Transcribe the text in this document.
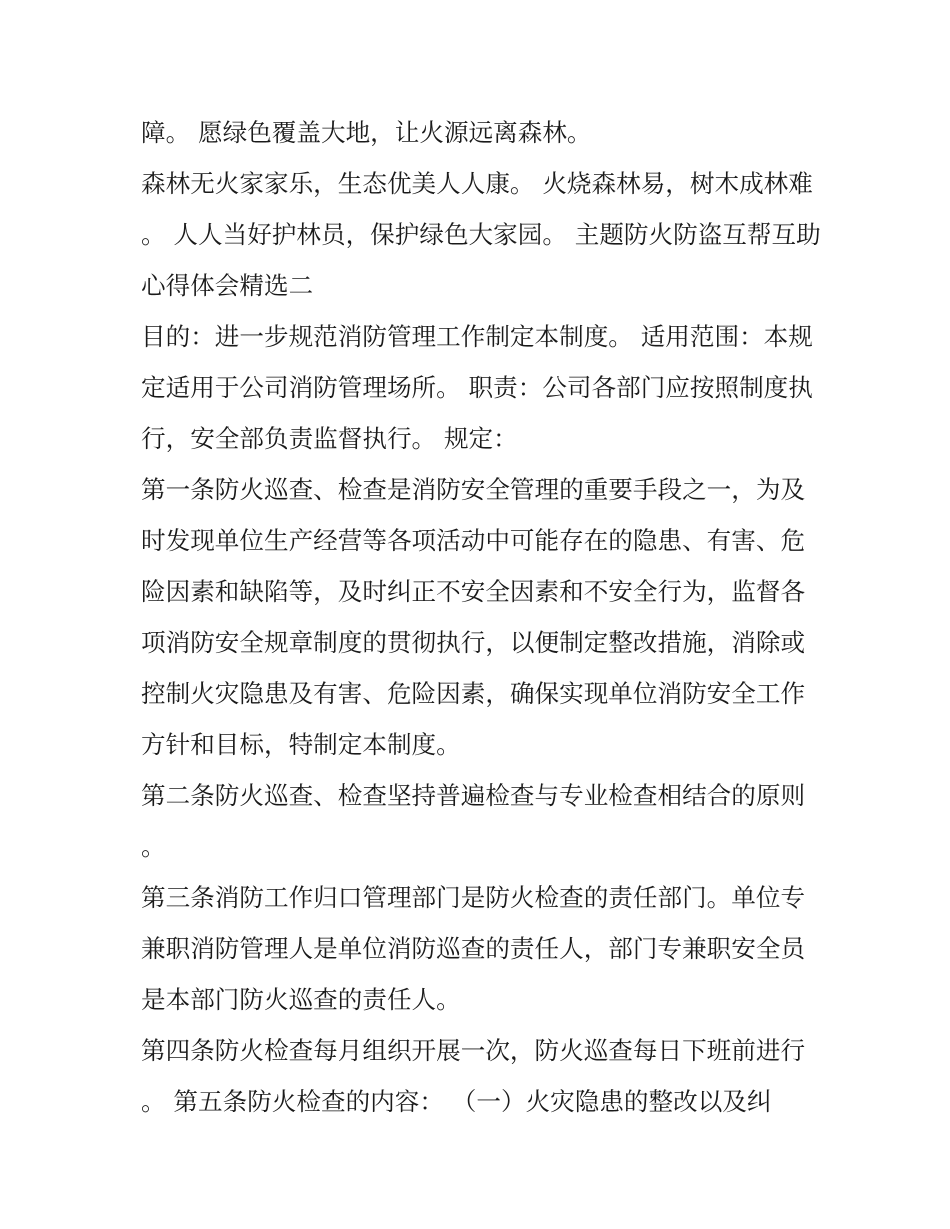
障。 愿绿色覆盖大地，让火源远离森林。

森林无火家家乐，生态优美人人康。 火烧森林易，树木成林难。 人人当好护林员，保护绿色大家园。 主题防火防盗互帮互助心得体会精选二

目的：进一步规范消防管理工作制定本制度。 适用范围：本规定适用于公司消防管理场所。 职责：公司各部门应按照制度执行，安全部负责监督执行。 规定：

第一条防火巡查、检查是消防安全管理的重要手段之一，为及时发现单位生产经营等各项活动中可能存在的隐患、有害、危险因素和缺陷等，及时纠正不安全因素和不安全行为，监督各项消防安全规章制度的贯彻执行，以便制定整改措施，消除或控制火灾隐患及有害、危险因素，确保实现单位消防安全工作方针和目标，特制定本制度。

第二条防火巡查、检查坚持普遍检查与专业检查相结合的原则。

第三条消防工作归口管理部门是防火检查的责任部门。单位专兼职消防管理人是单位消防巡查的责任人，部门专兼职安全员是本部门防火巡查的责任人。

第四条防火检查每月组织开展一次，防火巡查每日下班前进行。 第五条防火检查的内容： （一）火灾隐患的整改以及纠
